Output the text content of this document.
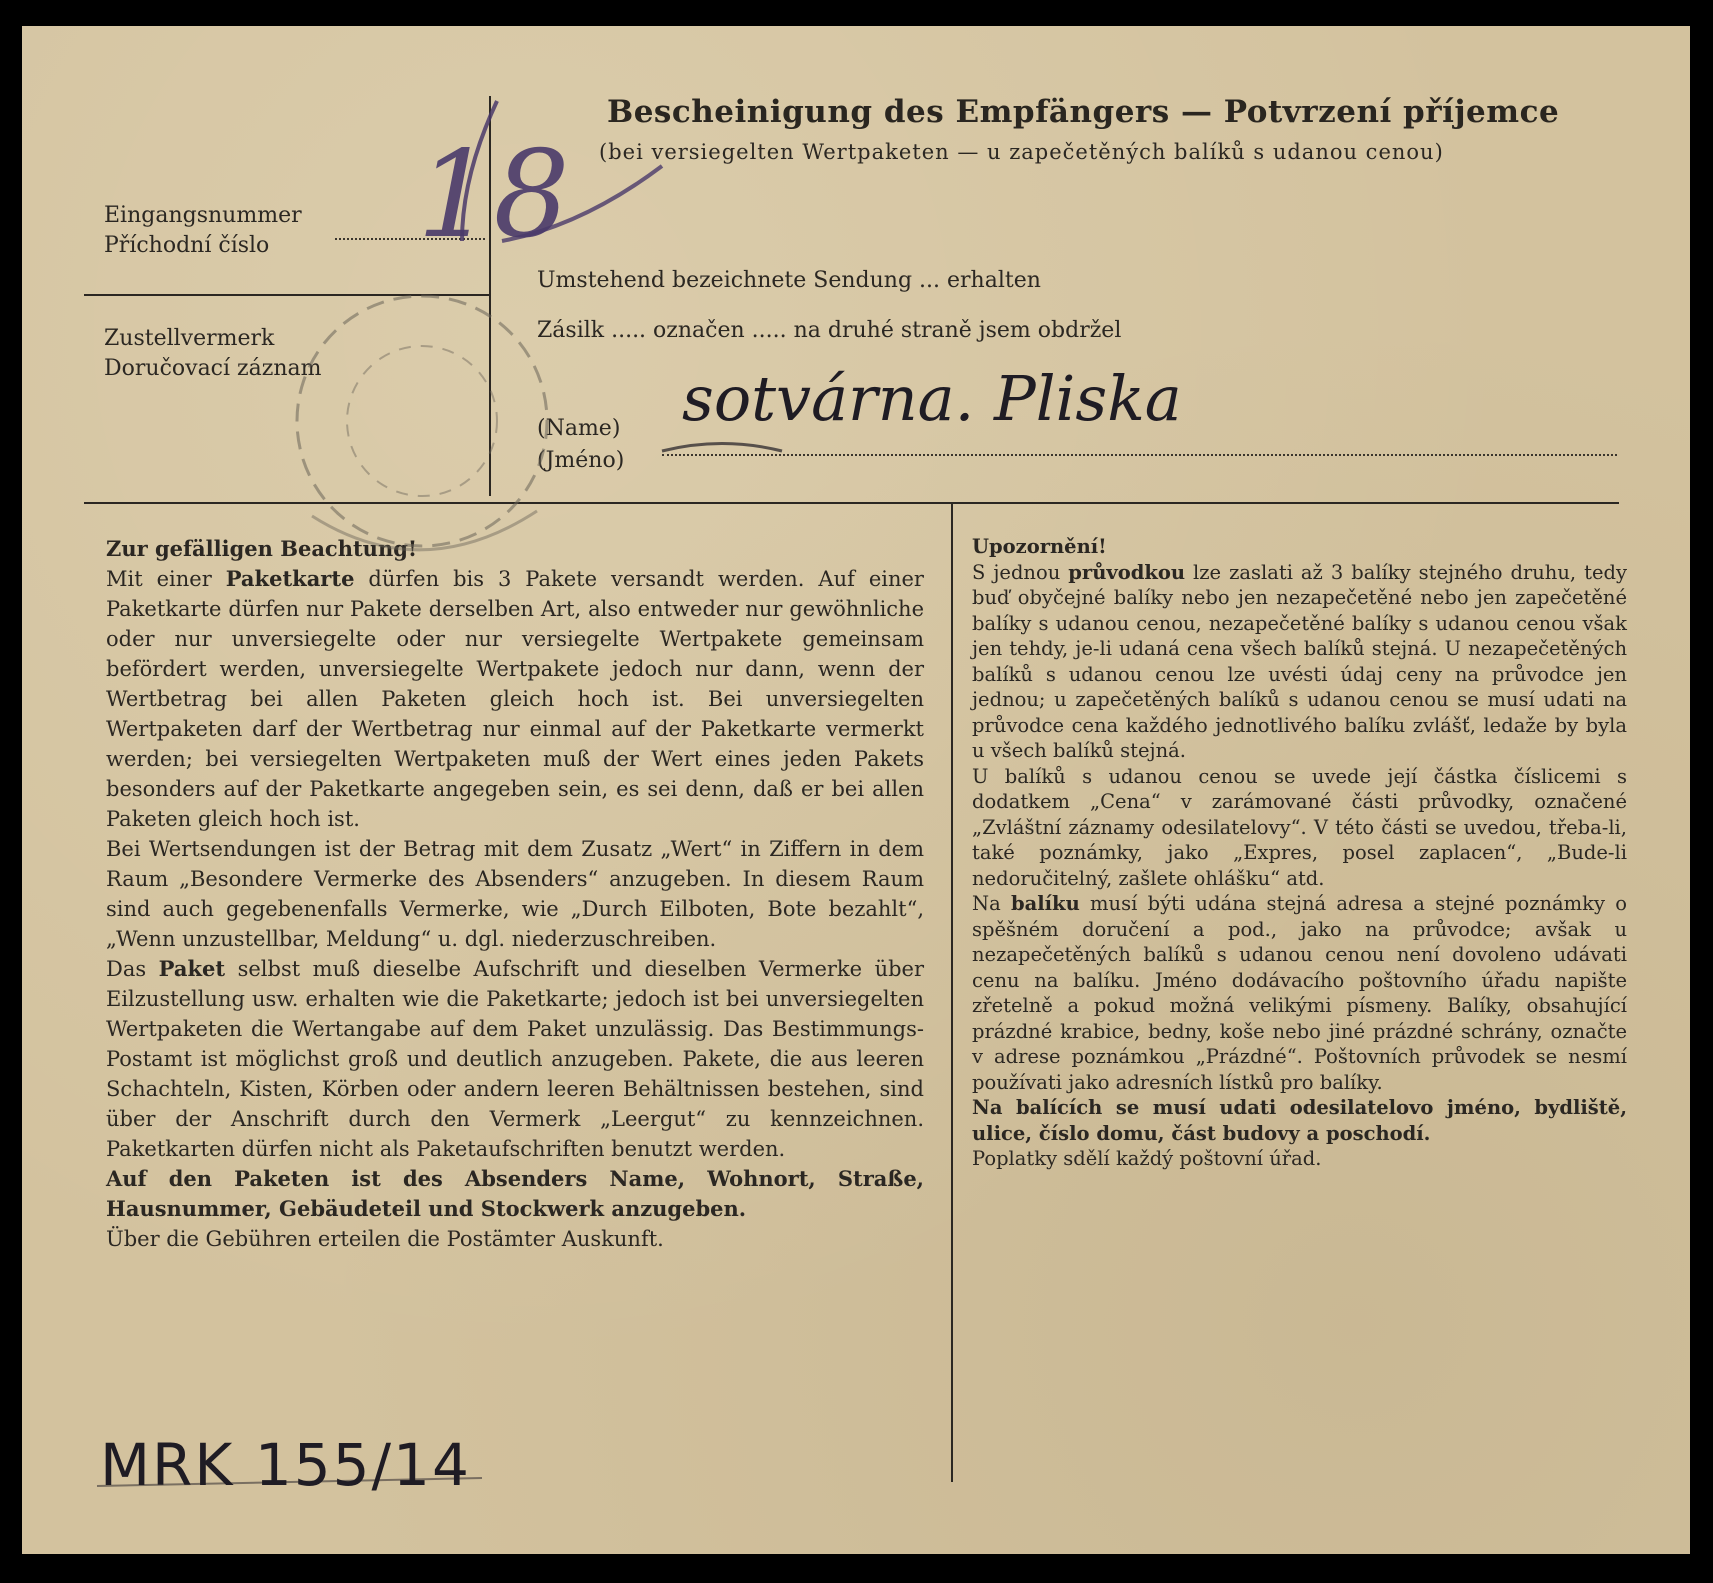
Bescheinigung des Empfängers — Potvrzení příjemce
(bei versiegelten Wertpaketen — u zapečetěných balíků s udanou cenou)
Eingangsnummer
Příchodní číslo
Zustellvermerk
Doručovací záznam
Umstehend bezeichnete Sendung ... erhalten
Zásilk ..... označen ..... na druhé straně jsem obdržel
(Name)
(Jméno)

Zur gefälligen Beachtung!

Mit einer Paketkarte dürfen bis 3 Pakete versandt werden. Auf einer Paketkarte dürfen nur Pakete derselben Art, also entweder nur gewöhnliche oder nur unversiegelte oder nur versiegelte Wertpakete gemeinsam befördert werden, unversiegelte Wertpakete jedoch nur dann, wenn der Wertbetrag bei allen Paketen gleich hoch ist. Bei unversiegelten Wertpaketen darf der Wertbetrag nur einmal auf der Paketkarte vermerkt werden; bei versiegelten Wertpaketen muß der Wert eines jeden Pakets besonders auf der Paketkarte angegeben sein, es sei denn, daß er bei allen Paketen gleich hoch ist.

Bei Wertsendungen ist der Betrag mit dem Zusatz „Wert“ in Ziffern in dem Raum „Besondere Vermerke des Absenders“ anzugeben. In diesem Raum sind auch gegebenenfalls Vermerke, wie „Durch Eilboten, Bote bezahlt“, „Wenn unzustellbar, Meldung“ u. dgl. niederzuschreiben.

Das Paket selbst muß dieselbe Aufschrift und dieselben Vermerke über Eilzustellung usw. erhalten wie die Paketkarte; jedoch ist bei unversiegelten Wertpaketen die Wertangabe auf dem Paket unzulässig. Das Bestimmungs-Postamt ist möglichst groß und deutlich anzugeben. Pakete, die aus leeren Schachteln, Kisten, Körben oder andern leeren Behältnissen bestehen, sind über der Anschrift durch den Vermerk „Leergut“ zu kennzeichnen. Paketkarten dürfen nicht als Paketaufschriften benutzt werden.

Auf den Paketen ist des Absenders Name, Wohnort, Straße, Hausnummer, Gebäudeteil und Stockwerk anzugeben.

Über die Gebühren erteilen die Postämter Auskunft.

Upozornění!

S jednou průvodkou lze zaslati až 3 balíky stejného druhu, tedy buď obyčejné balíky nebo jen nezapečetěné nebo jen zapečetěné balíky s udanou cenou, nezapečetěné balíky s udanou cenou však jen tehdy, je-li udaná cena všech balíků stejná. U nezapečetěných balíků s udanou cenou lze uvésti údaj ceny na průvodce jen jednou; u zapečetěných balíků s udanou cenou se musí udati na průvodce cena každého jednotlivého balíku zvlášť, ledaže by byla u všech balíků stejná.

U balíků s udanou cenou se uvede její částka číslicemi s dodatkem „Cena“ v zarámované části průvodky, označené „Zvláštní záznamy odesilatelovy“. V této části se uvedou, třeba-li, také poznámky, jako „Expres, posel zaplacen“, „Bude-li nedoručitelný, zašlete ohlášku“ atd.

Na balíku musí býti udána stejná adresa a stejné poznámky o spěšném doručení a pod., jako na průvodce; avšak u nezapečetěných balíků s udanou cenou není dovoleno udávati cenu na balíku. Jméno dodávacího poštovního úřadu napište zřetelně a pokud možná velikými písmeny. Balíky, obsahující prázdné krabice, bedny, koše nebo jiné prázdné schrány, označte v adrese poznámkou „Prázdné“. Poštovních průvodek se nesmí používati jako adresních lístků pro balíky.

Na balících se musí udati odesilatelovo jméno, bydliště, ulice, číslo domu, část budovy a poschodí.

Poplatky sdělí každý poštovní úřad.

sotvárna. Pliska
18
MRK 155/14
